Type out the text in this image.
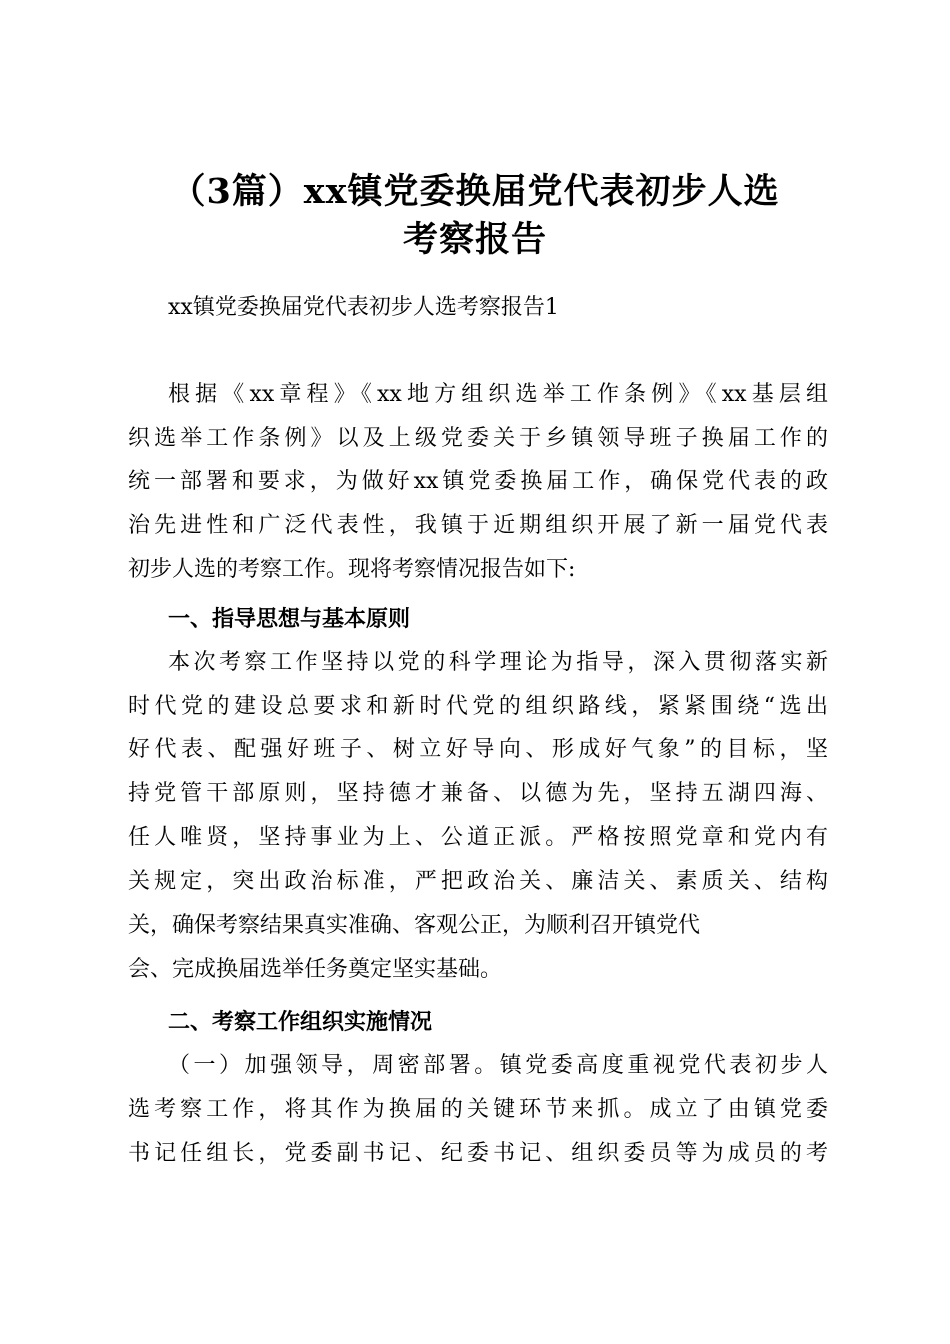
（3篇）xx镇党委换届党代表初步人选
考察报告
xx镇党委换届党代表初步人选考察报告1
根据《xx章程》《xx地方组织选举工作条例》《xx基层组
织选举工作条例》以及上级党委关于乡镇领导班子换届工作的
统一部署和要求，为做好xx镇党委换届工作，确保党代表的政
治先进性和广泛代表性，我镇于近期组织开展了新一届党代表
初步人选的考察工作。现将考察情况报告如下:
一、指导思想与基本原则
本次考察工作坚持以党的科学理论为指导，深入贯彻落实新
时代党的建设总要求和新时代党的组织路线，紧紧围绕“选出
好代表、配强好班子、树立好导向、形成好气象”的目标，坚
持党管干部原则，坚持德才兼备、以德为先，坚持五湖四海、
任人唯贤，坚持事业为上、公道正派。严格按照党章和党内有
关规定，突出政治标准，严把政治关、廉洁关、素质关、结构
关，确保考察结果真实准确、客观公正，为顺利召开镇党代
会、完成换届选举任务奠定坚实基础。
二、考察工作组织实施情况
（一）加强领导，周密部署。镇党委高度重视党代表初步人
选考察工作，将其作为换届的关键环节来抓。成立了由镇党委
书记任组长，党委副书记、纪委书记、组织委员等为成员的考
